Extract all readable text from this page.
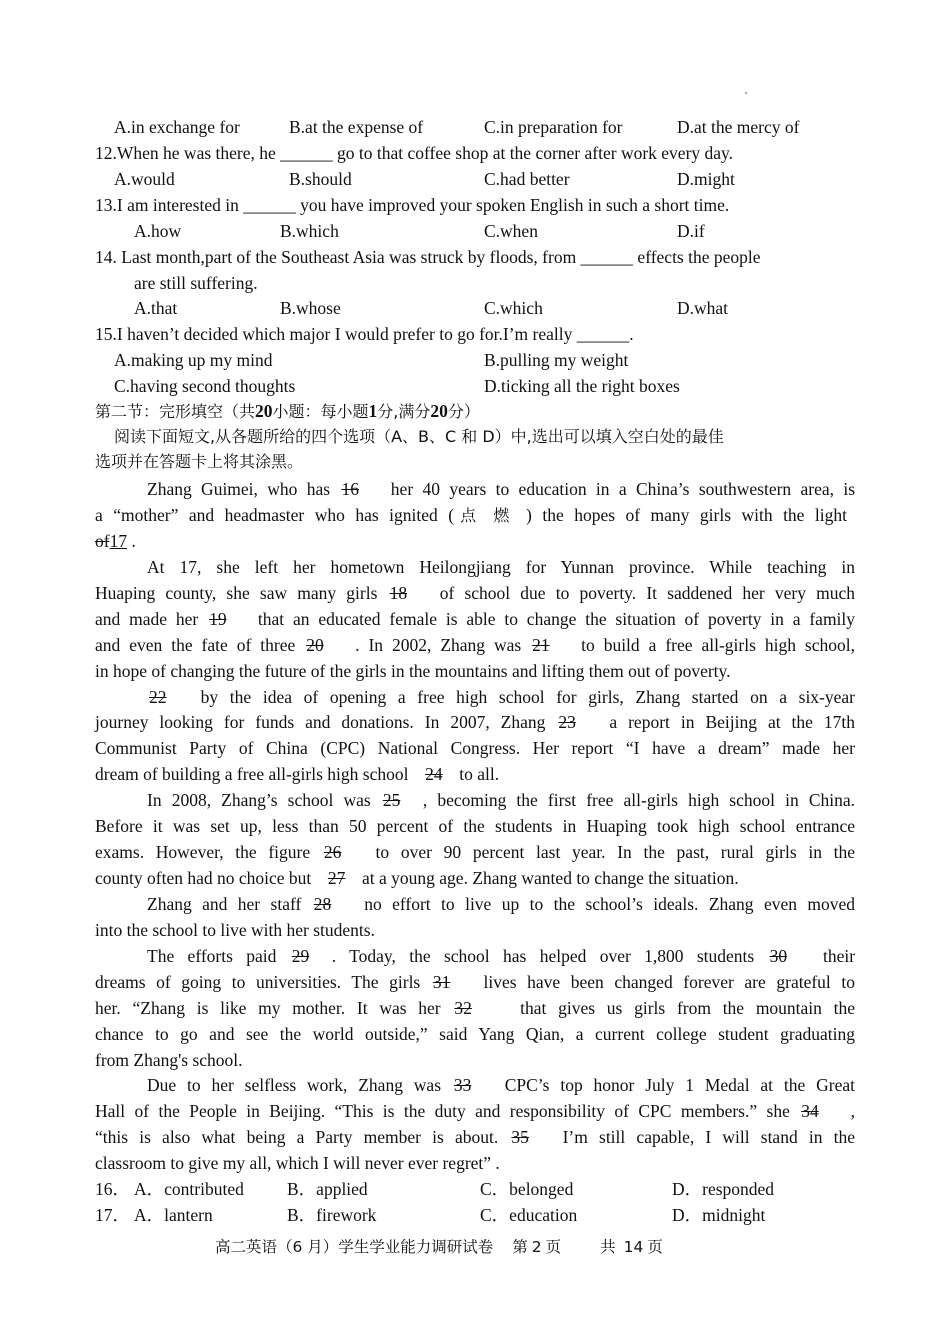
A.in exchange for	B.at the expense of	C.in preparation for	D.at the mercy of
12.When he was there, he ______ go to that coffee shop at the corner after work every day.
A.would	B.should	C.had better	D.might
13.I am interested in ______ you have improved your spoken English in such a short time.
A.how	B.which	C.when	D.if
14. Last month,part of the Southeast Asia was struck by floods, from ______ effects the people
are still suffering.
A.that	B.whose	C.which	D.what
15.I haven’t decided which major I would prefer to go for.I’m really ______.
A.making up my mind	B.pulling my weight
C.having second thoughts	D.ticking all the right boxes
第二节：完形填空（共20小题：每小题1分,满分20分）
阅读下面短文,从各题所给的四个选项（A、B、C 和 D）中,选出可以填入空白处的最佳
选项并在答题卡上将其涂黑。
Zhang Guimei, who has 16 her 40 years to education in a China’s southwestern area, is
a “mother” and headmaster who has ignited (点 燃 ) the hopes of many girls with the light
of17 .
At 17, she left her hometown Heilongjiang for Yunnan province. While teaching in
Huaping county, she saw many girls 18 of school due to poverty. It saddened her very much
and made her 19 that an educated female is able to change the situation of poverty in a family
and even the fate of three 20 . In 2002, Zhang was 21 to build a free all-girls high school,
in hope of changing the future of the girls in the mountains and lifting them out of poverty.
22 by the idea of opening a free high school for girls, Zhang started on a six-year
journey looking for funds and donations. In 2007, Zhang 23 a report in Beijing at the 17th
Communist Party of China (CPC) National Congress. Her report “I have a dream” made her
dream of building a free all-girls high school 24 to all.
In 2008, Zhang’s school was 25 , becoming the first free all-girls high school in China.
Before it was set up, less than 50 percent of the students in Huaping took high school entrance
exams. However, the figure 26 to over 90 percent last year. In the past, rural girls in the
county often had no choice but 27 at a young age. Zhang wanted to change the situation.
Zhang and her staff 28 no effort to live up to the school’s ideals. Zhang even moved
into the school to live with her students.
The efforts paid 29 . Today, the school has helped over 1,800 students 30 their
dreams of going to universities. The girls 31 lives have been changed forever are grateful to
her. “Zhang is like my mother. It was her 32	that gives us girls from the mountain the
chance to go and see the world outside,” said Yang Qian, a current college student graduating
from Zhang's school.
Due to her selfless work, Zhang was 33 CPC’s top honor July 1 Medal at the Great
Hall of the People in Beijing. “This is the duty and responsibility of CPC members.” she 34 ,
“this is also what being a Party member is about. 35 I’m still capable, I will stand in the
classroom to give my all, which I will never ever regret” .
16． A．contributed B．applied	C．belonged	D．responded
17． A．lantern	B．firework	C．education	D．midnight
高二英语（6 月）学生学业能力调研试卷 第 2 页	共 14 页
